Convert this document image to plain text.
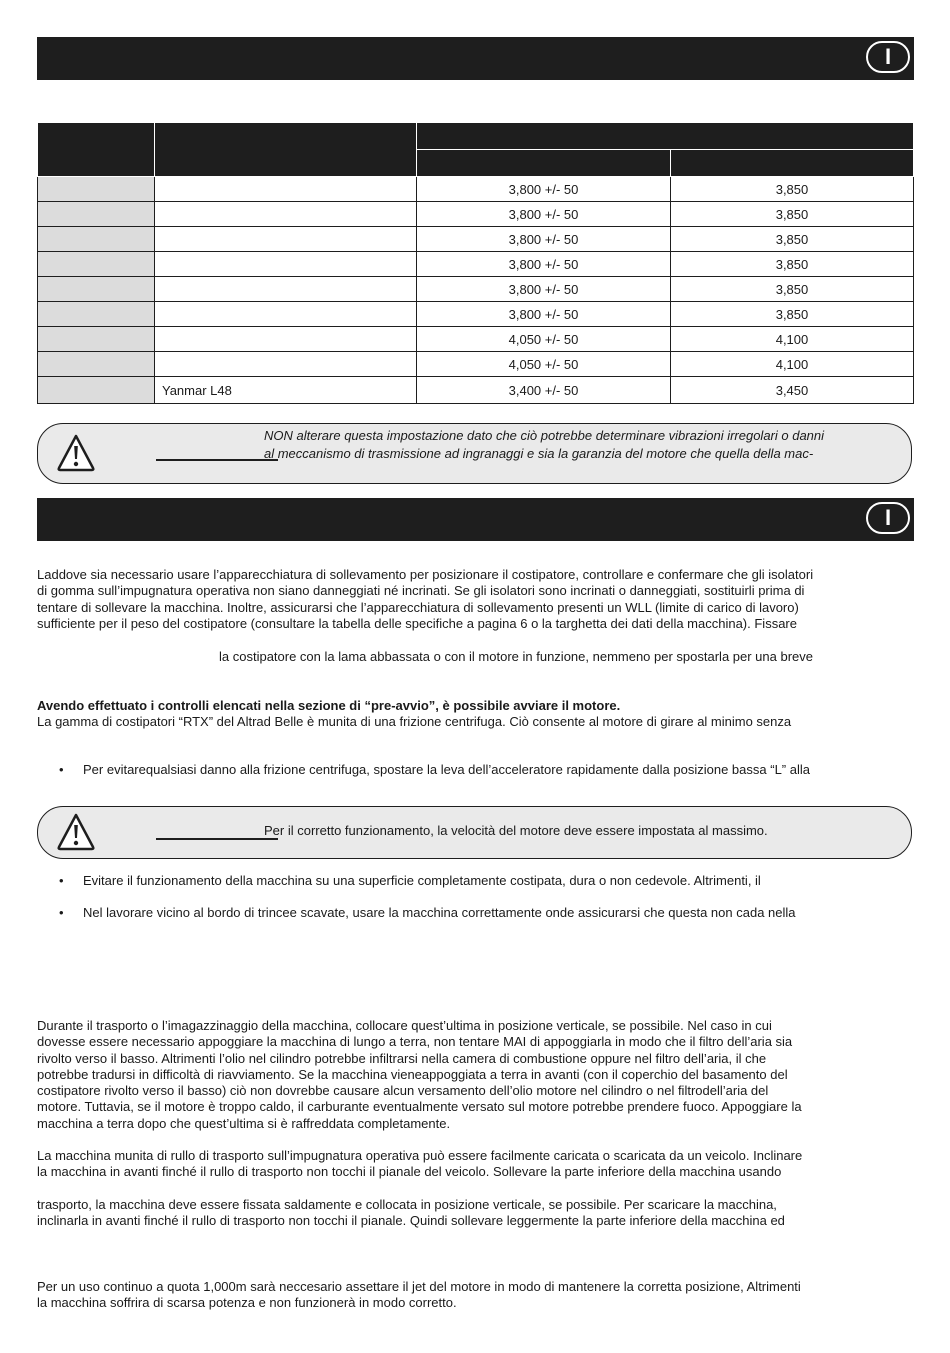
I

		3,800 +/- 50	3,850
		3,800 +/- 50	3,850
		3,800 +/- 50	3,850
		3,800 +/- 50	3,850
		3,800 +/- 50	3,850
		3,800 +/- 50	3,850
		4,050 +/- 50	4,100
		4,050 +/- 50	4,100
	Yanmar L48	3,400 +/- 50	3,450
NON alterare questa impostazione dato che ciò potrebbe determinare vibrazioni irregolari o danni
al meccanismo di trasmissione ad ingranaggi e sia la garanzia del motore che quella della mac-
I
Laddove sia necessario usare l’apparecchiatura di sollevamento per posizionare il costipatore, controllare e confermare che gli isolatori
di gomma sull’impugnatura operativa non siano danneggiati né incrinati. Se gli isolatori sono incrinati o danneggiati, sostituirli prima di
tentare di sollevare la macchina. Inoltre, assicurarsi che l’apparecchiatura di sollevamento presenti un WLL (limite di carico di lavoro)
sufficiente per il peso del costipatore (consultare la tabella delle specifiche a pagina 6 o la targhetta dei dati della macchina). Fissare
la costipatore con la lama abbassata o con il motore in funzione, nemmeno per spostarla per una breve
Avendo effettuato i controlli elencati nella sezione di “pre-avvio”, è possibile avviare il motore.
La gamma di costipatori “RTX” del Altrad Belle è munita di una frizione centrifuga. Ciò consente al motore di girare al minimo senza
• Per evitarequalsiasi danno alla frizione centrifuga, spostare la leva dell’acceleratore rapidamente dalla posizione bassa “L” alla
Per il corretto funzionamento, la velocità del motore deve essere impostata al massimo.
• Evitare il funzionamento della macchina su una superficie completamente costipata, dura o non cedevole. Altrimenti, il
• Nel lavorare vicino al bordo di trincee scavate, usare la macchina correttamente onde assicurarsi che questa non cada nella
Durante il trasporto o l’imagazzinaggio della macchina, collocare quest’ultima in posizione verticale, se possibile. Nel caso in cui
dovesse essere necessario appoggiare la macchina di lungo a terra, non tentare MAI di appoggiarla in modo che il filtro dell’aria sia
rivolto verso il basso. Altrimenti l’olio nel cilindro potrebbe infiltrarsi nella camera di combustione oppure nel filtro dell’aria, il che
potrebbe tradursi in difficoltà di riavviamento. Se la macchina vieneappoggiata a terra in avanti (con il coperchio del basamento del
costipatore rivolto verso il basso) ciò non dovrebbe causare alcun versamento dell’olio motore nel cilindro o nel filtrodell’aria del
motore. Tuttavia, se il motore è troppo caldo, il carburante eventualmente versato sul motore potrebbe prendere fuoco. Appoggiare la
macchina a terra dopo che quest’ultima si è raffreddata completamente.
La macchina munita di rullo di trasporto sull’impugnatura operativa può essere facilmente caricata o scaricata da un veicolo. Inclinare
la macchina in avanti finché il rullo di trasporto non tocchi il pianale del veicolo. Sollevare la parte inferiore della macchina usando
trasporto, la macchina deve essere fissata saldamente e collocata in posizione verticale, se possibile. Per scaricare la macchina,
inclinarla in avanti finché il rullo di trasporto non tocchi il pianale. Quindi sollevare leggermente la parte inferiore della macchina ed
Per un uso continuo a quota 1,000m sarà neccesario assettare il jet del motore in modo di mantenere la corretta posizione, Altrimenti
la macchina soffrira di scarsa potenza e non funzionerà in modo corretto.
